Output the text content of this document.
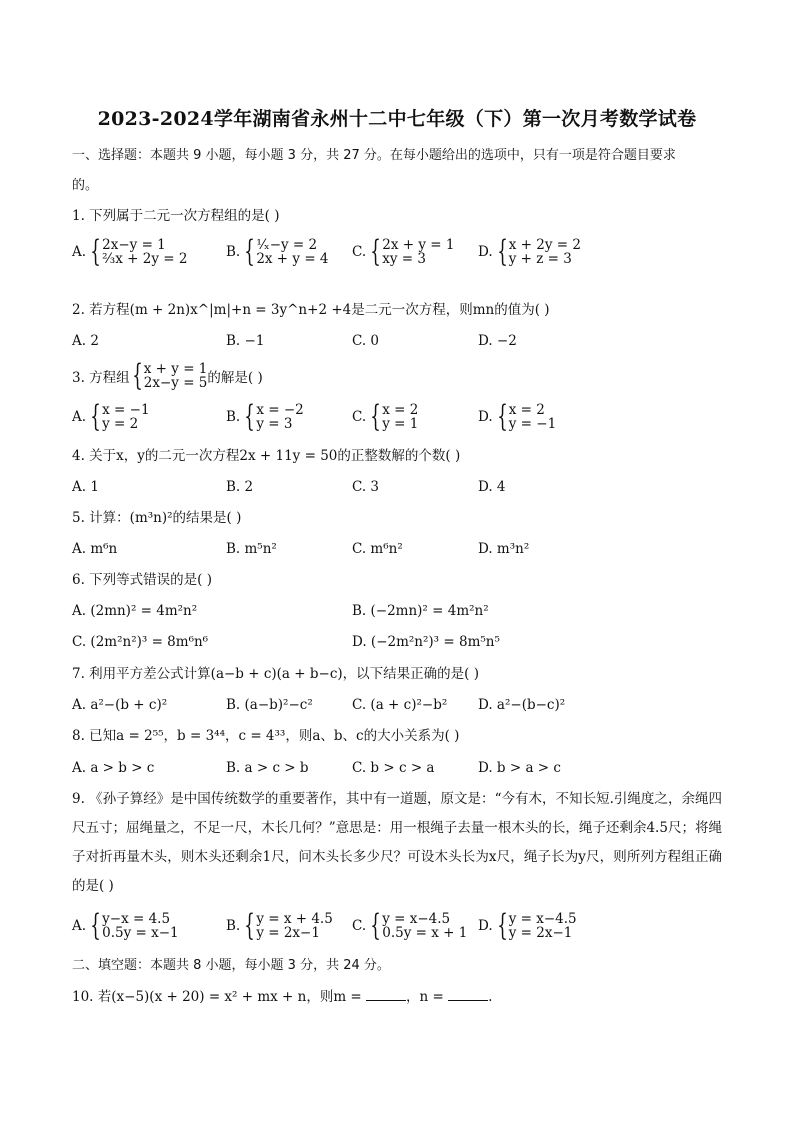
2023-2024学年湖南省永州十二中七年级（下）第一次月考数学试卷
一、选择题：本题共 9 小题，每小题 3 分，共 27 分。在每小题给出的选项中，只有一项是符合题目要求
的。
1. 下列属于二元一次方程组的是( )
A. { 2x−y = 1
²⁄₃x + 2y = 2	B. { ¹⁄ₓ−y = 2
2x + y = 4 C. { 2x + y = 1
xy = 3	D. { x + 2y = 2
y + z = 3
2. 若方程(m + 2n)x^|m|+n = 3y^n+2 +4是二元一次方程，则mn的值为( )
A. 2	B. −1	C. 0	D. −2
3. 方程组 { x + y = 1
2x−y = 5 的解是( )
A. { x = −1
y = 2	B. { x = −2
y = 3	C. { x = 2
y = 1	D. { x = 2
y = −1
4. 关于x，y的二元一次方程2x + 11y = 50的正整数解的个数( )
A. 1	B. 2	C. 3	D. 4
5. 计算：(m³n)²的结果是( )
A. m⁶n	B. m⁵n²	C. m⁶n²	D. m³n²
6. 下列等式错误的是( )
A. (2mn)² = 4m²n²	B. (−2mn)² = 4m²n²
C. (2m²n²)³ = 8m⁶n⁶	D. (−2m²n²)³ = 8m⁵n⁵
7. 利用平方差公式计算(a−b + c)(a + b−c)，以下结果正确的是( )
A. a²−(b + c)²	B. (a−b)²−c²	C. (a + c)²−b² D. a²−(b−c)²
8. 已知a = 2⁵⁵，b = 3⁴⁴，c = 4³³，则a、b、c的大小关系为( )
A. a > b > c	B. a > c > b	C. b > c > a	D. b > a > c
9. 《孙子算经》是中国传统数学的重要著作，其中有一道题，原文是：“今有木，不知长短.引绳度之，余绳四尺五寸；屈绳量之，不足一尺，木长几何？”意思是：用一根绳子去量一根木头的长，绳子还剩余4.5尺；将绳子对折再量木头，则木头还剩余1尺，问木头长多少尺？可设木头长为x尺，绳子长为y尺，则所列方程组正确的是( )
A. { y−x = 4.5
0.5y = x−1	B. { y = x + 4.5
y = 2x−1	C. { y = x−4.5
0.5y = x + 1 D. { y = x−4.5
y = 2x−1
二、填空题：本题共 8 小题，每小题 3 分，共 24 分。
10. 若(x−5)(x + 20) = x² + mx + n，则m =	，n =	.
